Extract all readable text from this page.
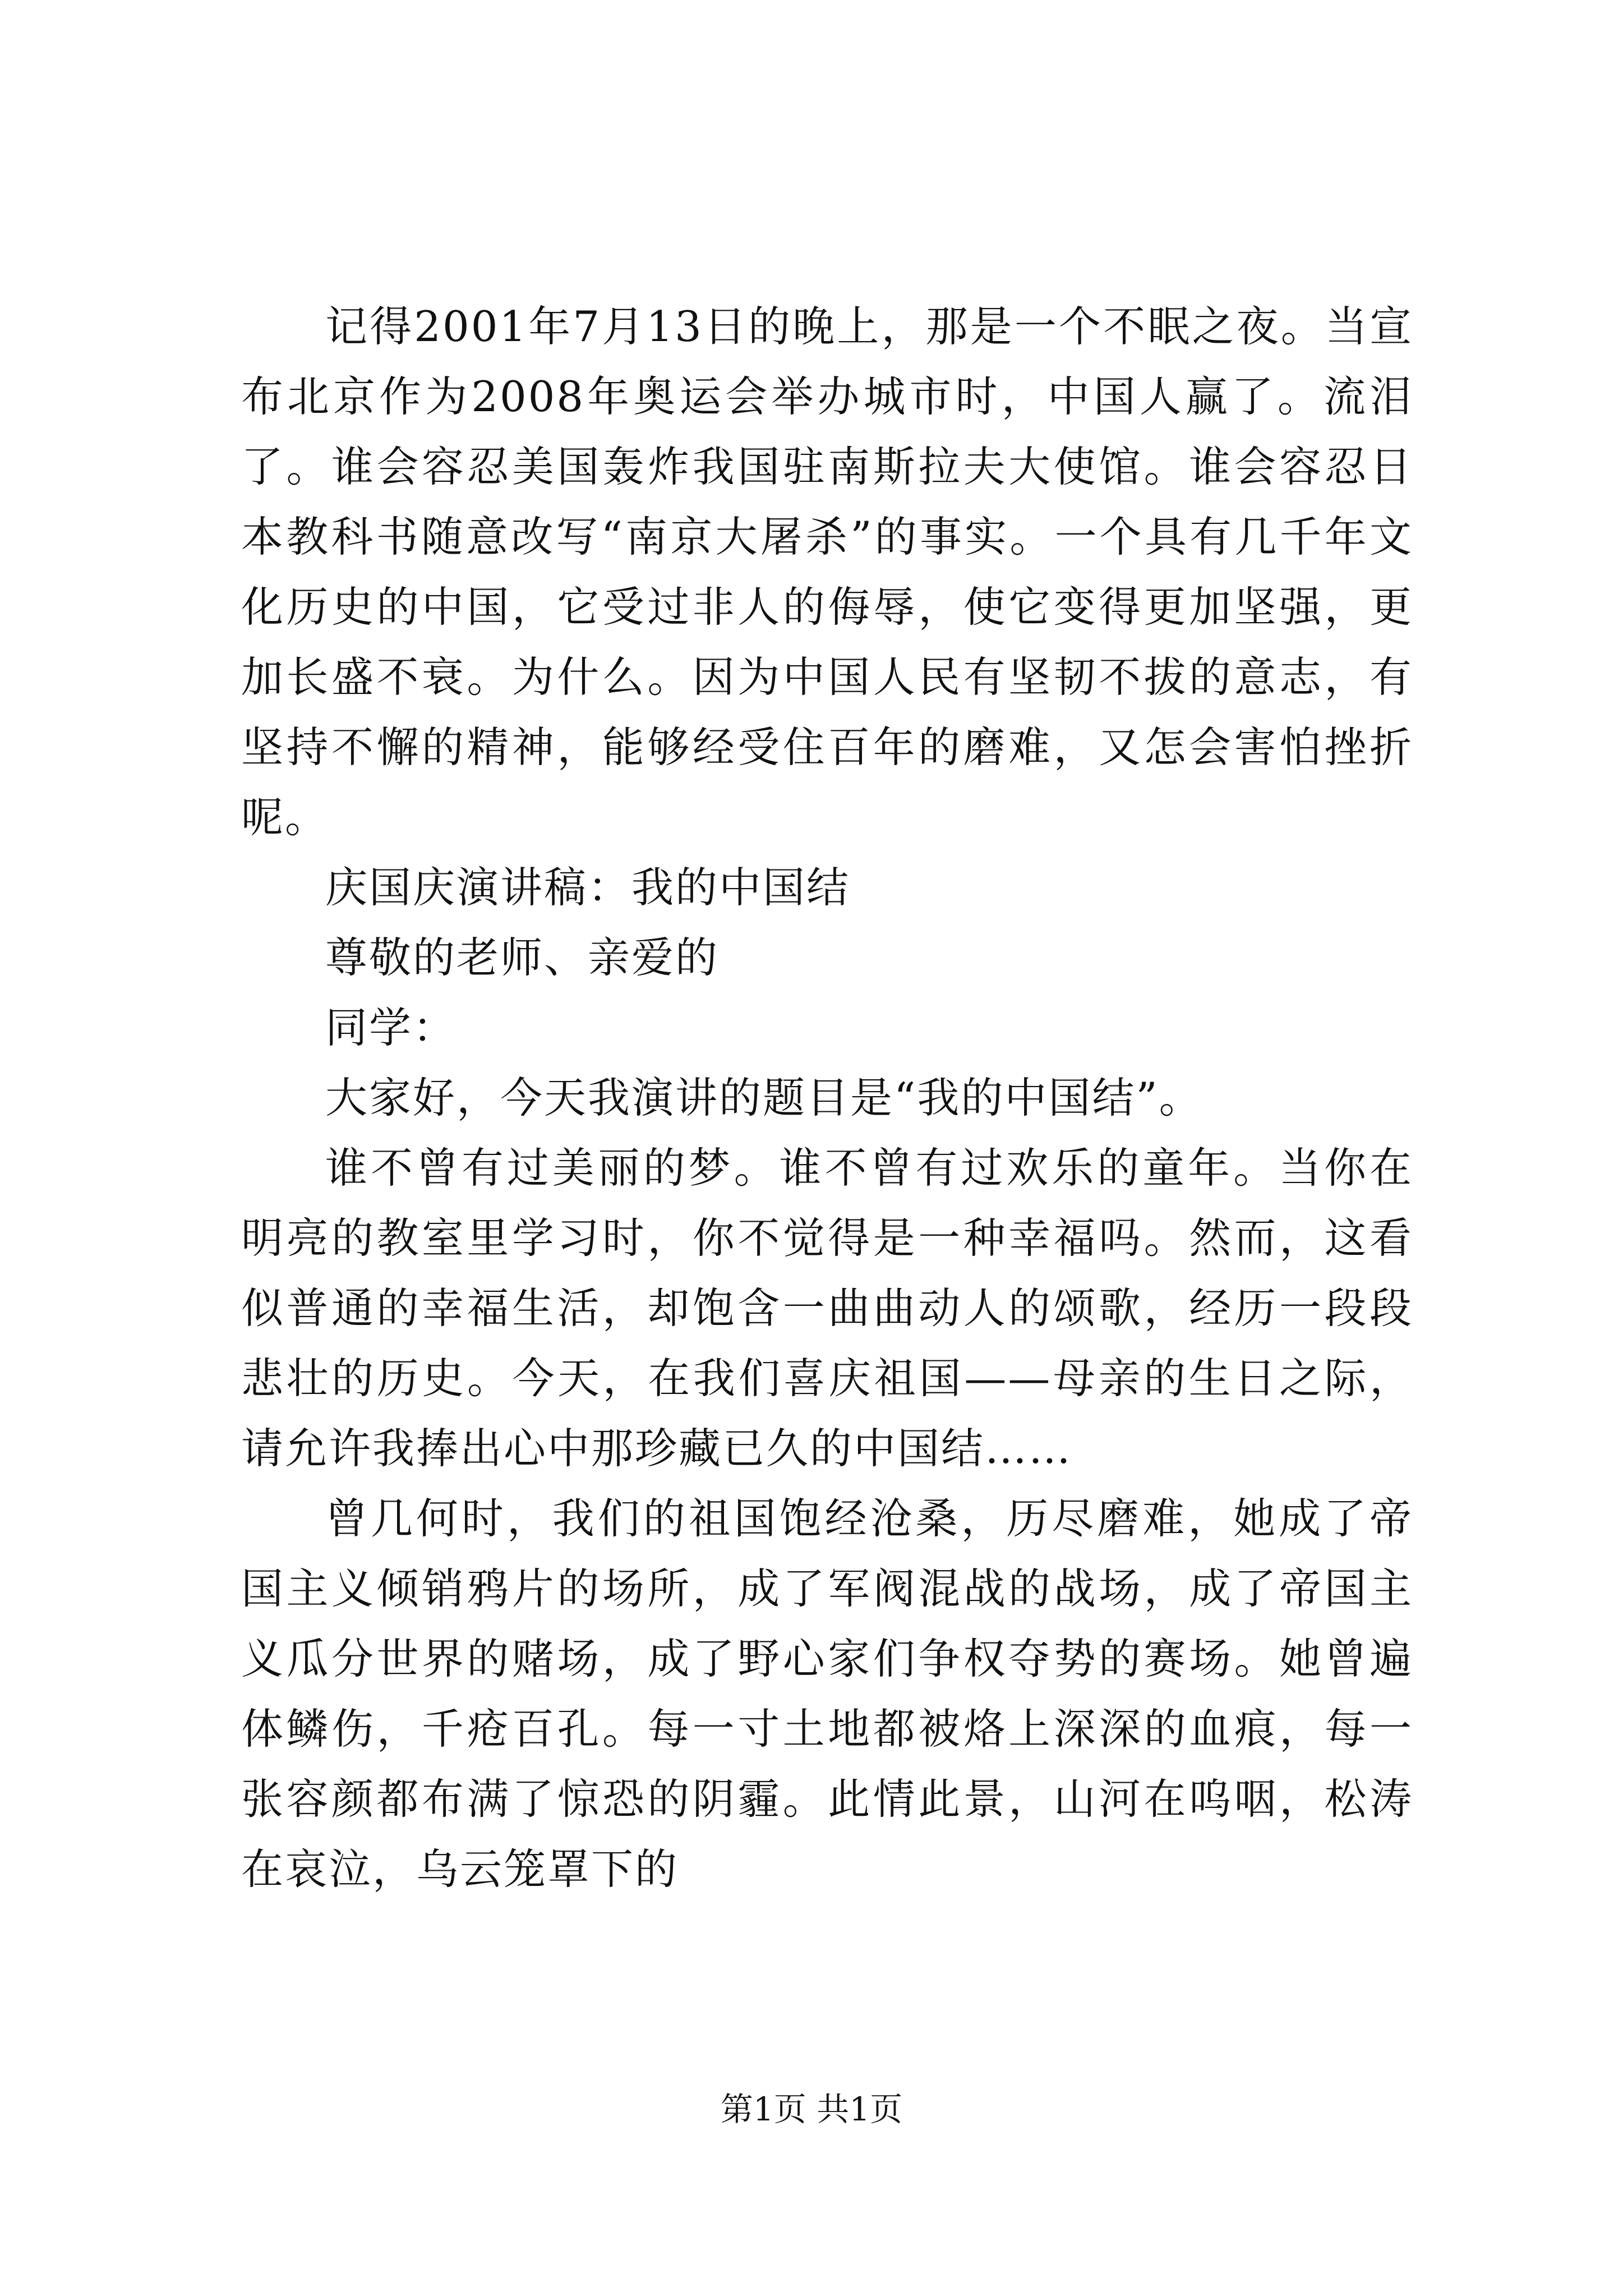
记得2001年7月13日的晚上，那是一个不眠之夜。当宣布北京作为2008年奥运会举办城市时，中国人赢了。流泪了。谁会容忍美国轰炸我国驻南斯拉夫大使馆。谁会容忍日本教科书随意改写“南京大屠杀”的事实。一个具有几千年文化历史的中国，它受过非人的侮辱，使它变得更加坚强，更加长盛不衰。为什么。因为中国人民有坚韧不拔的意志，有坚持不懈的精神，能够经受住百年的磨难，又怎会害怕挫折呢。

庆国庆演讲稿：我的中国结

尊敬的老师、亲爱的

同学：

大家好，今天我演讲的题目是“我的中国结”。

谁不曾有过美丽的梦。谁不曾有过欢乐的童年。当你在明亮的教室里学习时，你不觉得是一种幸福吗。然而，这看似普通的幸福生活，却饱含一曲曲动人的颂歌，经历一段段悲壮的历史。今天，在我们喜庆祖国——母亲的生日之际，请允许我捧出心中那珍藏已久的中国结……

曾几何时，我们的祖国饱经沧桑，历尽磨难，她成了帝国主义倾销鸦片的场所，成了军阀混战的战场，成了帝国主义瓜分世界的赌场，成了野心家们争权夺势的赛场。她曾遍体鳞伤，千疮百孔。每一寸土地都被烙上深深的血痕，每一张容颜都布满了惊恐的阴霾。此情此景，山河在呜咽，松涛在哀泣，乌云笼罩下的

第1页 共1页
